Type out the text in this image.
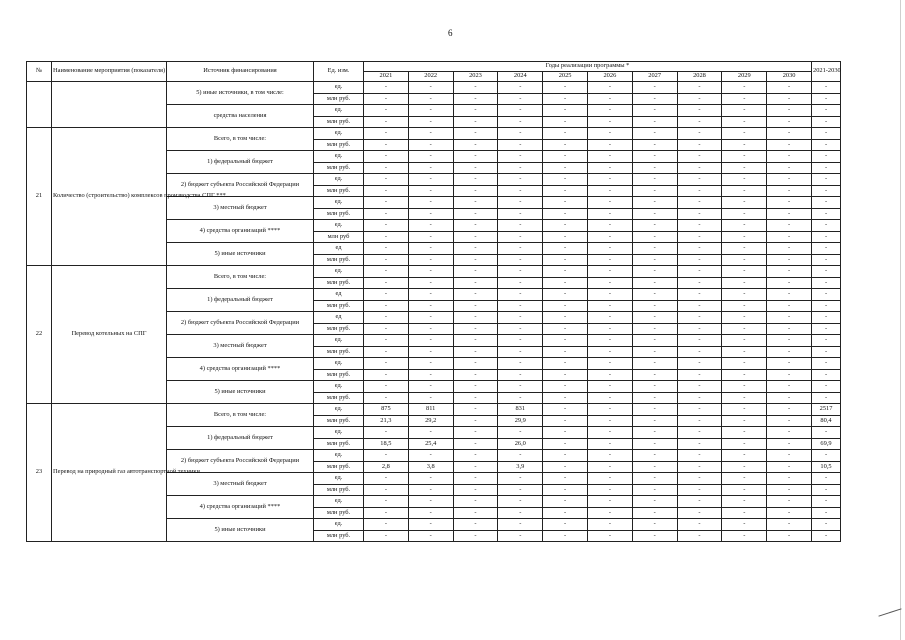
6
№	Наименование мероприятия (показателя)	Источник финансирования	Ед. изм.	Годы реализации программы *										2021-2030
				2021	2022	2023	2024	2025	2026	2027	2028	2029	2030	
		5) иные источники, в том числе:	ед.	-	-	-	-	-	-	-	-	-	-	-
			млн руб.	-	-	-	-	-	-	-	-	-	-	-
		средства населения	ед.	-	-	-	-	-	-	-	-	-	-	-
			млн руб.	-	-	-	-	-	-	-	-	-	-	-
21	Количество (строительство) комплексов производства СПГ ***	Всего, в том числе:	ед.	-	-	-	-	-	-	-	-	-	-	-
			млн руб.	-	-	-	-	-	-	-	-	-	-	-
		1) федеральный бюджет	ед.	-	-	-	-	-	-	-	-	-	-	-
			млн руб.	-	-	-	-	-	-	-	-	-	-	-
		2) бюджет субъекта Российской Федерации	ед.	-	-	-	-	-	-	-	-	-	-	-
			млн руб.	-	-	-	-	-	-	-	-	-	-	-
		3) местный бюджет	ед.	-	-	-	-	-	-	-	-	-	-	-
			млн руб.	-	-	-	-	-	-	-	-	-	-	-
		4) средства организаций ****	ед.	-	-	-	-	-	-	-	-	-	-	-
			млн руб	-	-	-	-	-	-	-	-	-	-	-
		5) иные источники	ед	-	-	-	-	-	-	-	-	-	-	-
			млн руб.	-	-	-	-	-	-	-	-	-	-	-
22	Перевод котельных на СПГ	Всего, в том числе:	ед.	-	-	-	-	-	-	-	-	-	-	-
			млн руб.	-	-	-	-	-	-	-	-	-	-	-
		1) федеральный бюджет	ед	-	-	-	-	-	-	-	-	-	-	-
			млн руб.	-	-	-	-	-	-	-	-	-	-	-
		2) бюджет субъекта Российской Федерации	ед	-	-	-	-	-	-	-	-	-	-	-
			млн руб.	-	-	-	-	-	-	-	-	-	-	-
		3) местный бюджет	ед.	-	-	-	-	-	-	-	-	-	-	-
			млн руб.	-	-	-	-	-	-	-	-	-	-	-
		4) средства организаций ****	ед.	-	-	-	-	-	-	-	-	-	-	-
			млн руб.	-	-	-	-	-	-	-	-	-	-	-
		5) иные источники	ед.	-	-	-	-	-	-	-	-	-	-	-
			млн руб.	-	-	-	-	-	-	-	-	-	-	-
23	Перевод на природный газ автотранспортной техники	Всего, в том числе:	ед.	875	811	-	831	-	-	-	-	-	-	2517
			млн руб.	21,3	29,2	-	29,9	-	-	-	-	-	-	80,4
		1) федеральный бюджет	ед.	-	-	-	-	-	-	-	-	-	-	-
			млн руб.	18,5	25,4	-	26,0	-	-	-	-	-	-	69,9
		2) бюджет субъекта Российской Федерации	ед.	-	-	-	-	-	-	-	-	-	-	-
			млн руб.	2,8	3,8	-	3,9	-	-	-	-	-	-	10,5
		3) местный бюджет	ед.	-	-	-	-	-	-	-	-	-	-	-
			млн руб.	-	-	-	-	-	-	-	-	-	-	-
		4) средства организаций ****	ед.	-	-	-	-	-	-	-	-	-	-	-
			млн руб.	-	-	-	-	-	-	-	-	-	-	-
		5) иные источники	ед.	-	-	-	-	-	-	-	-	-	-	-
			млн руб.	-	-	-	-	-	-	-	-	-	-	-
